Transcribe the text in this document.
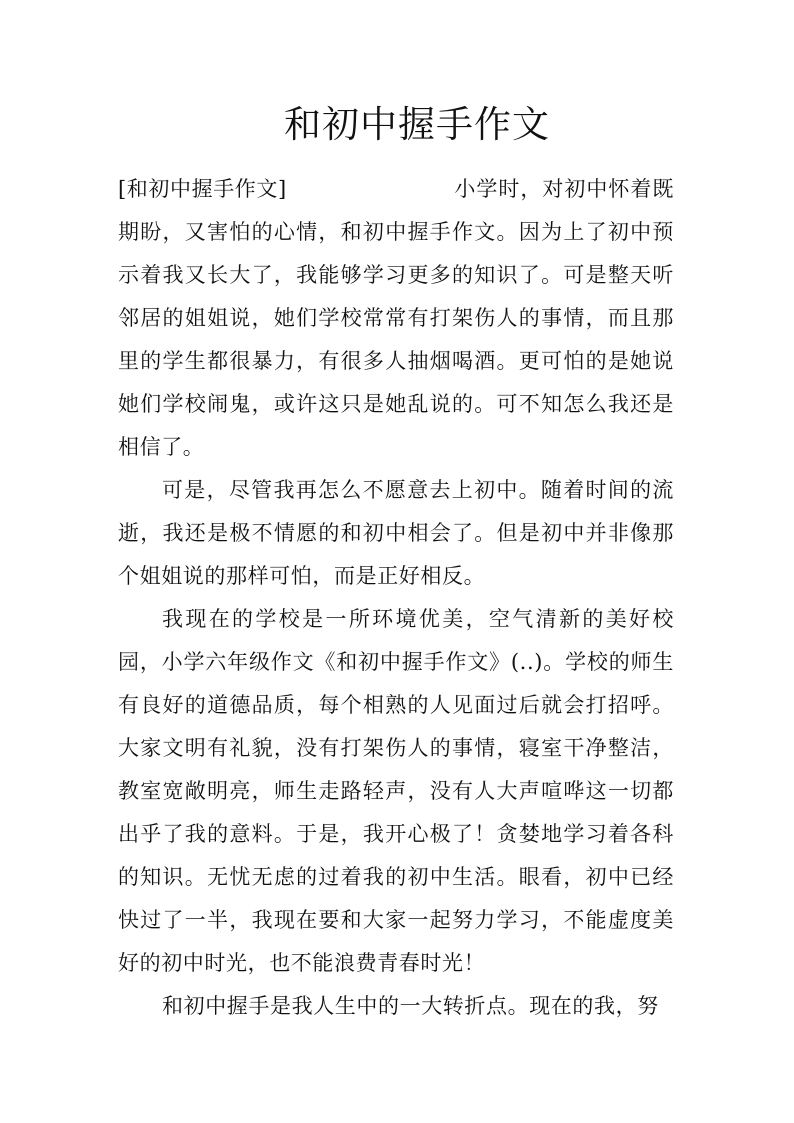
和初中握手作文

[和初中握手作文]	小学时，对初中怀着既期盼，又害怕的心情，和初中握手作文。因为上了初中预示着我又长大了，我能够学习更多的知识了。可是整天听邻居的姐姐说，她们学校常常有打架伤人的事情，而且那里的学生都很暴力，有很多人抽烟喝酒。更可怕的是她说她们学校闹鬼，或许这只是她乱说的。可不知怎么我还是相信了。

可是，尽管我再怎么不愿意去上初中。随着时间的流逝，我还是极不情愿的和初中相会了。但是初中并非像那个姐姐说的那样可怕，而是正好相反。

我现在的学校是一所环境优美，空气清新的美好校园，小学六年级作文《和初中握手作文》(..)。学校的师生有良好的道德品质，每个相熟的人见面过后就会打招呼。大家文明有礼貌，没有打架伤人的事情，寝室干净整洁，教室宽敞明亮，师生走路轻声，没有人大声喧哗这一切都出乎了我的意料。于是，我开心极了！贪婪地学习着各科的知识。无忧无虑的过着我的初中生活。眼看，初中已经快过了一半，我现在要和大家一起努力学习，不能虚度美好的初中时光，也不能浪费青春时光！

和初中握手是我人生中的一大转折点。现在的我，努
